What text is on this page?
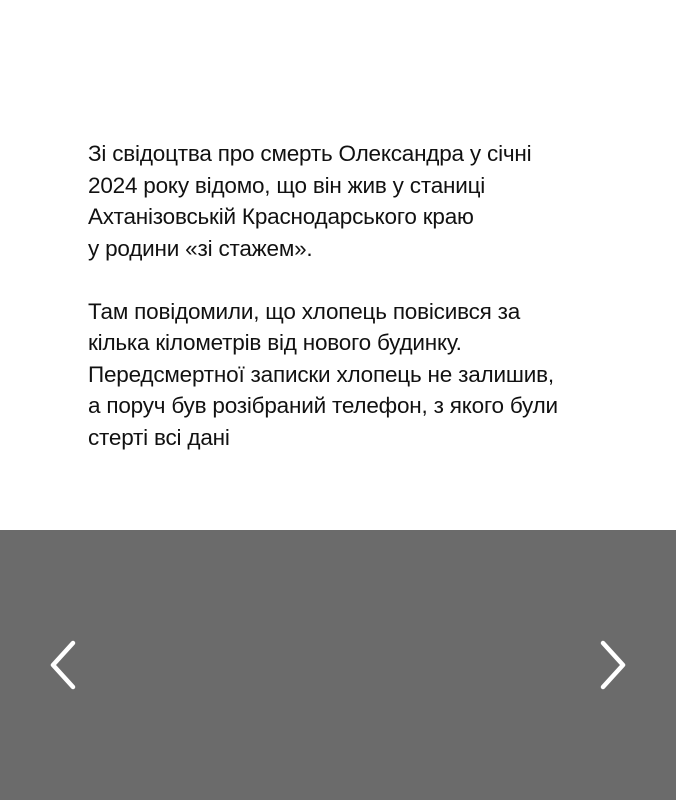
Зі свідоцтва про смерть Олександра у січні
2024 року відомо, що він жив у станиці
Ахтанізовській Краснодарського краю
у родини «зі стажем».

Там повідомили, що хлопець повісився за
кілька кілометрів від нового будинку.
Передсмертної записки хлопець не залишив,
а поруч був розібраний телефон, з якого були
стерті всі дані
